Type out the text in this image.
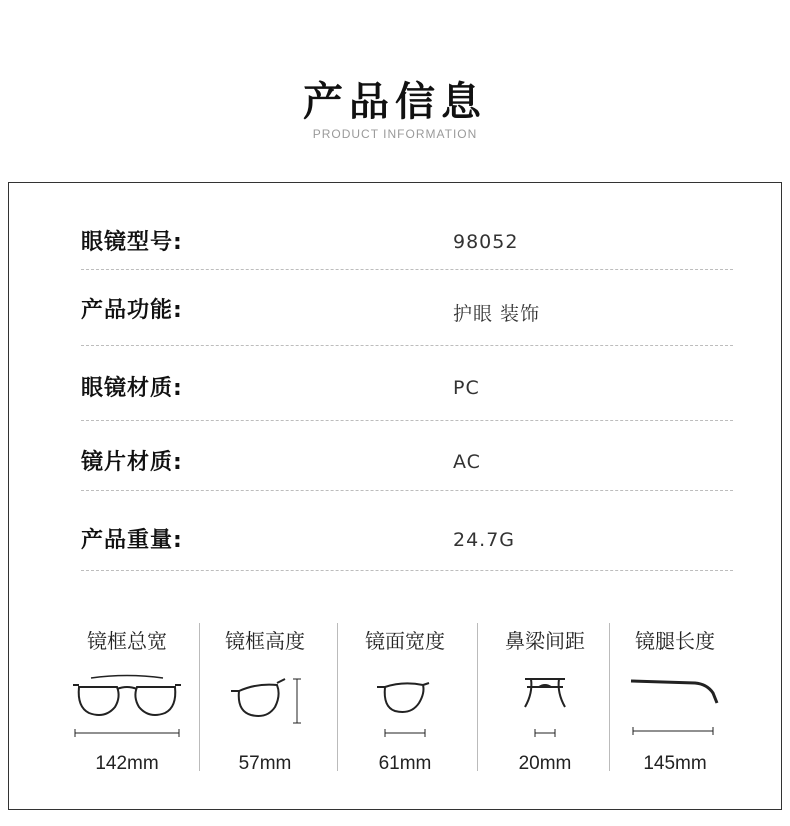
产品信息
PRODUCT INFORMATION
眼镜型号:	98052
产品功能:	护眼 装饰
眼镜材质:	PC
镜片材质:	AC
产品重量:	24.7G
镜框总宽
142mm
镜框高度
57mm
镜面宽度
61mm
鼻梁间距
20mm
镜腿长度
145mm
